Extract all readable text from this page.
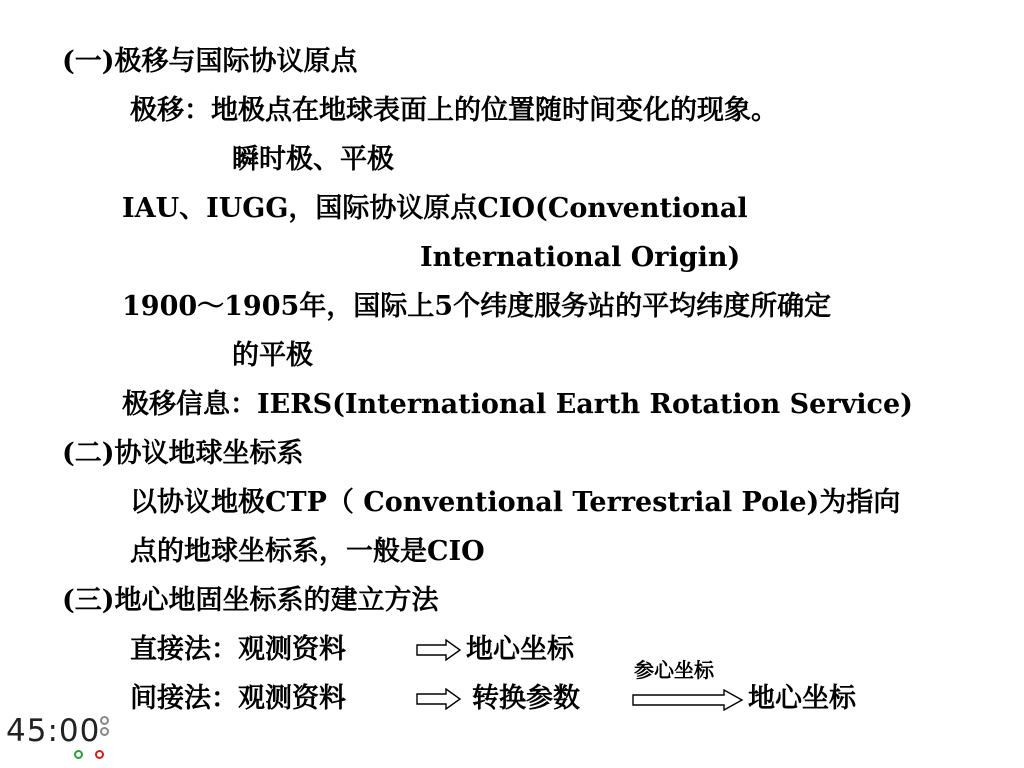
(一)极移与国际协议原点
极移：地极点在地球表面上的位置随时间变化的现象。
瞬时极、平极
IAU、IUGG，国际协议原点CIO(Conventional
International Origin)
1900～1905年，国际上5个纬度服务站的平均纬度所确定
的平极
极移信息：IERS(International Earth Rotation Service)
(二)协议地球坐标系
以协议地极CTP（ Conventional Terrestrial Pole)为指向
点的地球坐标系，一般是CIO
(三)地心地固坐标系的建立方法
直接法：观测资料	地心坐标
参心坐标
间接法：观测资料	转换参数	地心坐标
45:00
